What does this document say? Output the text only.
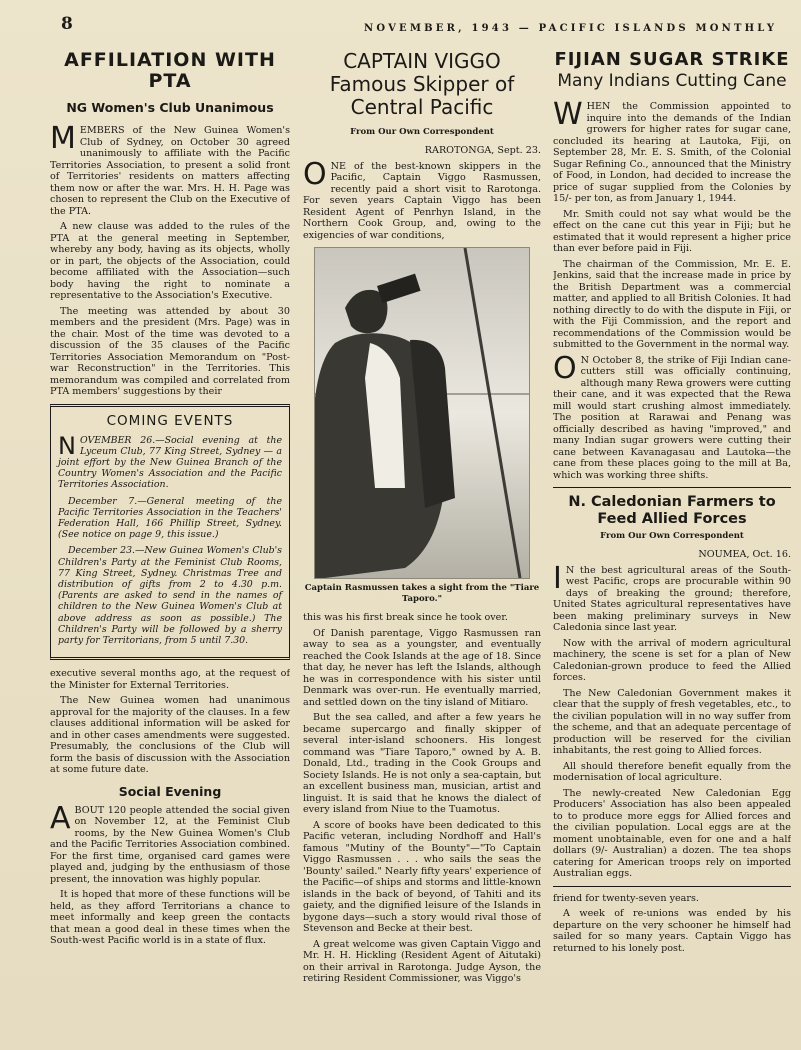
8	NOVEMBER, 1943 — PACIFIC ISLANDS MONTHLY
AFFILIATION WITH PTA
NG Women's Club Unanimous

MEMBERS of the New Guinea Women's Club of Sydney, on October 30 agreed unanimously to affiliate with the Pacific Territories Association, to present a solid front of Territories' residents on matters affecting them now or after the war. Mrs. H. H. Page was chosen to represent the Club on the Executive of the PTA.

A new clause was added to the rules of the PTA at the general meeting in September, whereby any body, having as its objects, wholly or in part, the objects of the Association, could become affiliated with the Association—such body having the right to nominate a representative to the Association's Executive.

The meeting was attended by about 30 members and the president (Mrs. Page) was in the chair. Most of the time was devoted to a discussion of the 35 clauses of the Pacific Territories Association Memorandum on "Post-war Reconstruction" in the Territories. This memorandum was compiled and correlated from PTA members' suggestions by their

COMING EVENTS

NOVEMBER 26.—Social evening at the Lyceum Club, 77 King Street, Sydney — a joint effort by the New Guinea Branch of the Country Women's Association and the Pacific Territories Association.

December 7.—General meeting of the Pacific Territories Association in the Teachers' Federation Hall, 166 Phillip Street, Sydney. (See notice on page 9, this issue.)

December 23.—New Guinea Women's Club's Children's Party at the Feminist Club Rooms, 77 King Street, Sydney. Christmas Tree and distribution of gifts from 2 to 4.30 p.m. (Parents are asked to send in the names of children to the New Guinea Women's Club at above address as soon as possible.) The Children's Party will be followed by a sherry party for Territorians, from 5 until 7.30.

executive several months ago, at the request of the Minister for External Territories.

The New Guinea women had unanimous approval for the majority of the clauses. In a few clauses additional information will be asked for and in other cases amendments were suggested. Presumably, the conclusions of the Club will form the basis of discussion with the Association at some future date.

Social Evening

ABOUT 120 people attended the social given on November 12, at the Feminist Club rooms, by the New Guinea Women's Club and the Pacific Territories Association combined. For the first time, organised card games were played and, judging by the enthusiasm of those present, the innovation was highly popular.

It is hoped that more of these functions will be held, as they afford Territorians a chance to meet informally and keep green the contacts that mean a good deal in these times when the South-west Pacific world is in a state of flux.

CAPTAIN VIGGO Famous Skipper of Central Pacific
From Our Own Correspondent

RAROTONGA, Sept. 23.

ONE of the best-known skippers in the Pacific, Captain Viggo Rasmussen, recently paid a short visit to Rarotonga. For seven years Captain Viggo has been Resident Agent of Penrhyn Island, in the Northern Cook Group, and, owing to the exigencies of war conditions,

Captain Rasmussen takes a sight from the "Tiare Taporo."

this was his first break since he took over.

Of Danish parentage, Viggo Rasmussen ran away to sea as a youngster, and eventually reached the Cook Islands at the age of 18. Since that day, he never has left the Islands, although he was in correspondence with his sister until Denmark was over-run. He eventually married, and settled down on the tiny island of Mitiaro.

But the sea called, and after a few years he became supercargo and finally skipper of several inter-island schooners. His longest command was "Tiare Taporo," owned by A. B. Donald, Ltd., trading in the Cook Groups and Society Islands. He is not only a sea-captain, but an excellent business man, musician, artist and linguist. It is said that he knows the dialect of every island from Niue to the Tuamotus.

A score of books have been dedicated to this Pacific veteran, including Nordhoff and Hall's famous "Mutiny of the Bounty"—"To Captain Viggo Rasmussen . . . who sails the seas the 'Bounty' sailed." Nearly fifty years' experience of the Pacific—of ships and storms and little-known islands in the back of beyond, of Tahiti and its gaiety, and the dignified leisure of the Islands in bygone days—such a story would rival those of Stevenson and Becke at their best.

A great welcome was given Captain Viggo and Mr. H. H. Hickling (Resident Agent of Aitutaki) on their arrival in Rarotonga. Judge Ayson, the retiring Resident Commissioner, was Viggo's

FIJIAN SUGAR STRIKE
Many Indians Cutting Cane

WHEN the Commission appointed to inquire into the demands of the Indian growers for higher rates for sugar cane, concluded its hearing at Lautoka, Fiji, on September 28, Mr. E. S. Smith, of the Colonial Sugar Refining Co., announced that the Ministry of Food, in London, had decided to increase the price of sugar supplied from the Colonies by 15/- per ton, as from January 1, 1944.

Mr. Smith could not say what would be the effect on the cane cut this year in Fiji; but he estimated that it would represent a higher price than ever before paid in Fiji.

The chairman of the Commission, Mr. E. E. Jenkins, said that the increase made in price by the British Department was a commercial matter, and applied to all British Colonies. It had nothing directly to do with the dispute in Fiji, or with the Fiji Commission, and the report and recommendations of the Commission would be submitted to the Government in the normal way.

O N October 8, the strike of Fiji Indian cane-cutters still was officially continuing, although many Rewa growers were cutting their cane, and it was expected that the Rewa mill would start crushing almost immediately. The position at Rarawai and Penang was officially described as having "improved," and many Indian sugar growers were cutting their cane between Kavanagasau and Lautoka—the cane from these places going to the mill at Ba, which was working three shifts.

N. Caledonian Farmers to Feed Allied Forces
From Our Own Correspondent

NOUMEA, Oct. 16.

I N the best agricultural areas of the South-west Pacific, crops are procurable within 90 days of breaking the ground; therefore, United States agricultural representatives have been making preliminary surveys in New Caledonia since last year.

Now with the arrival of modern agricultural machinery, the scene is set for a plan of New Caledonian-grown produce to feed the Allied forces.

The New Caledonian Government makes it clear that the supply of fresh vegetables, etc., to the civilian population will in no way suffer from the scheme, and that an adequate percentage of production will be reserved for the civilian inhabitants, the rest going to Allied forces.

All should therefore benefit equally from the modernisation of local agriculture.

The newly-created New Caledonian Egg Producers' Association has also been appealed to to produce more eggs for Allied forces and the civilian population. Local eggs are at the moment unobtainable, even for one and a half dollars (9/- Australian) a dozen. The tea shops catering for American troops rely on imported Australian eggs.

friend for twenty-seven years.

A week of re-unions was ended by his departure on the very schooner he himself had sailed for so many years. Captain Viggo has returned to his lonely post.
